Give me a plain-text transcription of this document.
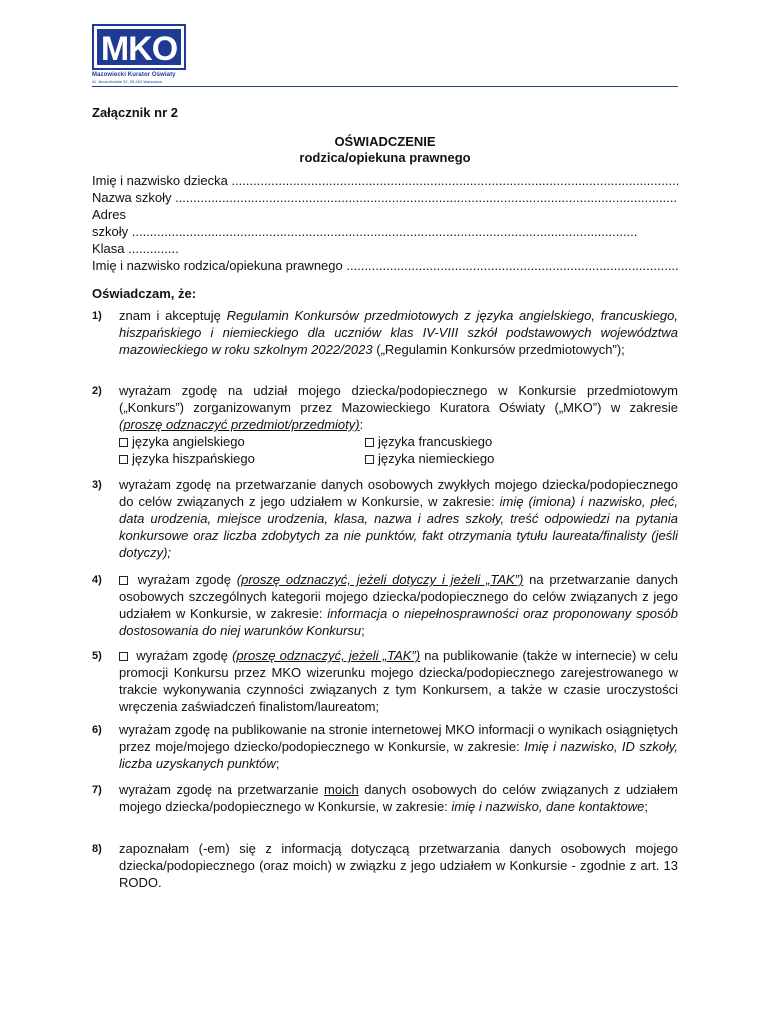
MKO
Mazowiecki Kurator Oświaty
Al. Jerozolimskie 32, 00-024 Warszawa
Załącznik nr 2
OŚWIADCZENIE
rodzica/opiekuna prawnego
Imię i nazwisko dziecka .....
Nazwa szkoły .....
Adres
szkoły .....
Klasa ..............
Imię i nazwisko rodzica/opiekuna prawnego .....
Oświadczam, że:
1) znam i akceptuję Regulamin Konkursów przedmiotowych z języka angielskiego, francuskiego, hiszpańskiego i niemieckiego dla uczniów klas IV-VIII szkół podstawowych województwa mazowieckiego w roku szkolnym 2022/2023 („Regulamin Konkursów przedmiotowych”);

2) wyrażam zgodę na udział mojego dziecka/podopiecznego w Konkursie przedmiotowym („Konkurs”) zorganizowanym przez Mazowieckiego Kuratora Oświaty („MKO”) w zakresie (proszę odznaczyć przedmiot/przedmioty):

języka angielskiego	języka francuskiego
języka hiszpańskiego	języka niemieckiego
3) wyrażam zgodę na przetwarzanie danych osobowych zwykłych mojego dziecka/podopiecznego do celów związanych z jego udziałem w Konkursie, w zakresie: imię (imiona) i nazwisko, płeć, data urodzenia, miejsce urodzenia, klasa, nazwa i adres szkoły, treść odpowiedzi na pytania konkursowe oraz liczba zdobytych za nie punktów, fakt otrzymania tytułu laureata/finalisty (jeśli dotyczy);

4)	wyrażam zgodę (proszę odznaczyć, jeżeli dotyczy i jeżeli „TAK”) na przetwarzanie danych osobowych szczególnych kategorii mojego dziecka/podopiecznego do celów związanych z jego udziałem w Konkursie, w zakresie: informacja o niepełnosprawności oraz proponowany sposób dostosowania do niej warunków Konkursu;

5)	wyrażam zgodę (proszę odznaczyć, jeżeli „TAK”) na publikowanie (także w internecie) w celu promocji Konkursu przez MKO wizerunku mojego dziecka/podopiecznego zarejestrowanego w trakcie wykonywania czynności związanych z tym Konkursem, a także w czasie uroczystości wręczenia zaświadczeń finalistom/laureatom;

6) wyrażam zgodę na publikowanie na stronie internetowej MKO informacji o wynikach osiągniętych przez moje/mojego dziecko/podopiecznego w Konkursie, w zakresie: Imię i nazwisko, ID szkoły, liczba uzyskanych punktów;

7) wyrażam zgodę na przetwarzanie moich danych osobowych do celów związanych z udziałem mojego dziecka/podopiecznego w Konkursie, w zakresie: imię i nazwisko, dane kontaktowe;

8) zapoznałam (-em) się z informacją dotyczącą przetwarzania danych osobowych mojego dziecka/podopiecznego (oraz moich) w związku z jego udziałem w Konkursie - zgodnie z art. 13 RODO.
